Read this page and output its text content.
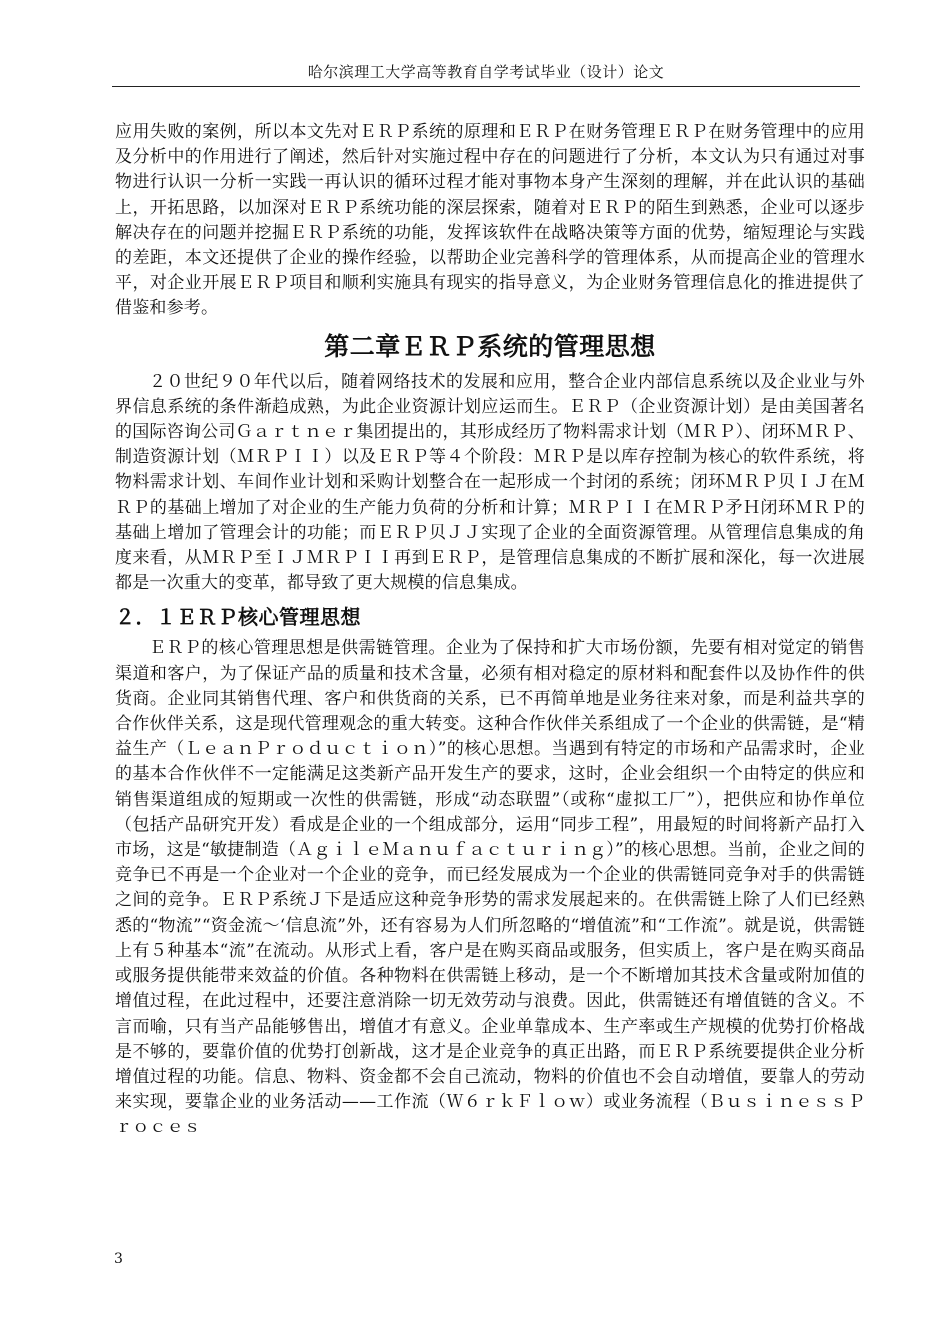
哈尔滨理工大学高等教育自学考试毕业（设计）论文

应用失败的案例，所以本文先对ＥＲＰ系统的原理和ＥＲＰ在财务管理ＥＲＰ在财务管理中的应用及分析中的作用进行了阐述，然后针对实施过程中存在的问题进行了分析，本文认为只有通过对事物进行认识一分析一实践一再认识的循环过程才能对事物本身产生深刻的理解，并在此认识的基础上，开拓思路，以加深对ＥＲＰ系统功能的深层探索，随着对ＥＲＰ的陌生到熟悉，企业可以逐步解决存在的问题并挖掘ＥＲＰ系统的功能，发挥该软件在战略决策等方面的优势，缩短理论与实践的差距，本文还提供了企业的操作经验，以帮助企业完善科学的管理体系，从而提高企业的管理水平，对企业开展ＥＲＰ项目和顺利实施具有现实的指导意义，为企业财务管理信息化的推进提供了借鉴和参考。

第二章ＥＲＰ系统的管理思想

２０世纪９０年代以后，随着网络技术的发展和应用，整合企业内部信息系统以及企业业与外界信息系统的条件渐趋成熟，为此企业资源计划应运而生。ＥＲＰ（企业资源计划）是由美国著名的国际咨询公司Ｇａｒｔｎｅｒ集团提出的，其形成经历了物料需求计划（ＭＲＰ）、闭环ＭＲＰ、制造资源计划（ＭＲＰＩＩ）以及ＥＲＰ等４个阶段：ＭＲＰ是以库存控制为核心的软件系统，将物料需求计划、车间作业计划和采购计划整合在一起形成一个封闭的系统；闭环ＭＲＰ贝ＩＪ在ＭＲＰ的基础上增加了对企业的生产能力负荷的分析和计算；ＭＲＰＩＩ在ＭＲＰ矛Ｈ闭环ＭＲＰ的基础上增加了管理会计的功能；而ＥＲＰ贝ＪＪ实现了企业的全面资源管理。从管理信息集成的角度来看，从ＭＲＰ至ＩＪＭＲＰＩＩ再到ＥＲＰ，是管理信息集成的不断扩展和深化，每一次进展都是一次重大的变革，都导致了更大规模的信息集成。

２．１ＥＲＰ核心管理思想

ＥＲＰ的核心管理思想是供需链管理。企业为了保持和扩大市场份额，先要有相对觉定的销售渠道和客户，为了保证产品的质量和技术含量，必须有相对稳定的原材料和配套件以及协作件的供货商。企业同其销售代理、客户和供货商的关系，已不再简单地是业务往来对象，而是利益共享的合作伙伴关系，这是现代管理观念的重大转变。这种合作伙伴关系组成了一个企业的供需链，是“精益生产（ＬｅａｎＰｒｏｄｕｃｔｉｏｎ）”的核心思想。当遇到有特定的市场和产品需求时，企业的基本合作伙伴不一定能满足这类新产品开发生产的要求，这时，企业会组织一个由特定的供应和销售渠道组成的短期或一次性的供需链，形成“动态联盟”（或称“虚拟工厂”），把供应和协作单位（包括产品研究开发）看成是企业的一个组成部分，运用“同步工程”，用最短的时间将新产品打入市场，这是“敏捷制造（ＡｇｉｌｅＭａｎｕｆａｃｔｕｒｉｎｇ）”的核心思想。当前，企业之间的竞争已不再是一个企业对一个企业的竞争，而已经发展成为一个企业的供需链同竞争对手的供需链之间的竞争。ＥＲＰ系统Ｊ下是适应这种竞争形势的需求发展起来的。在供需链上除了人们已经熟悉的“物流”“资金流～‘信息流”外，还有容易为人们所忽略的“增值流”和“工作流”。就是说，供需链上有５种基本“流”在流动。从形式上看，客户是在购买商品或服务，但实质上，客户是在购买商品或服务提供能带来效益的价值。各种物料在供需链上移动，是一个不断增加其技术含量或附加值的增值过程，在此过程中，还要注意消除一切无效劳动与浪费。因此，供需链还有增值链的含义。不言而喻，只有当产品能够售出，增值才有意义。企业单靠成本、生产率或生产规模的优势打价格战是不够的，要靠价值的优势打创新战，这才是企业竞争的真正出路，而ＥＲＰ系统要提供企业分析增值过程的功能。信息、物料、资金都不会自己流动，物料的价值也不会自动增值，要靠人的劳动来实现，要靠企业的业务活动——工作流（Ｗ６ｒｋＦｌｏｗ）或业务流程（ＢｕｓｉｎｅｓｓＰｒｏｃｅｓ

3
